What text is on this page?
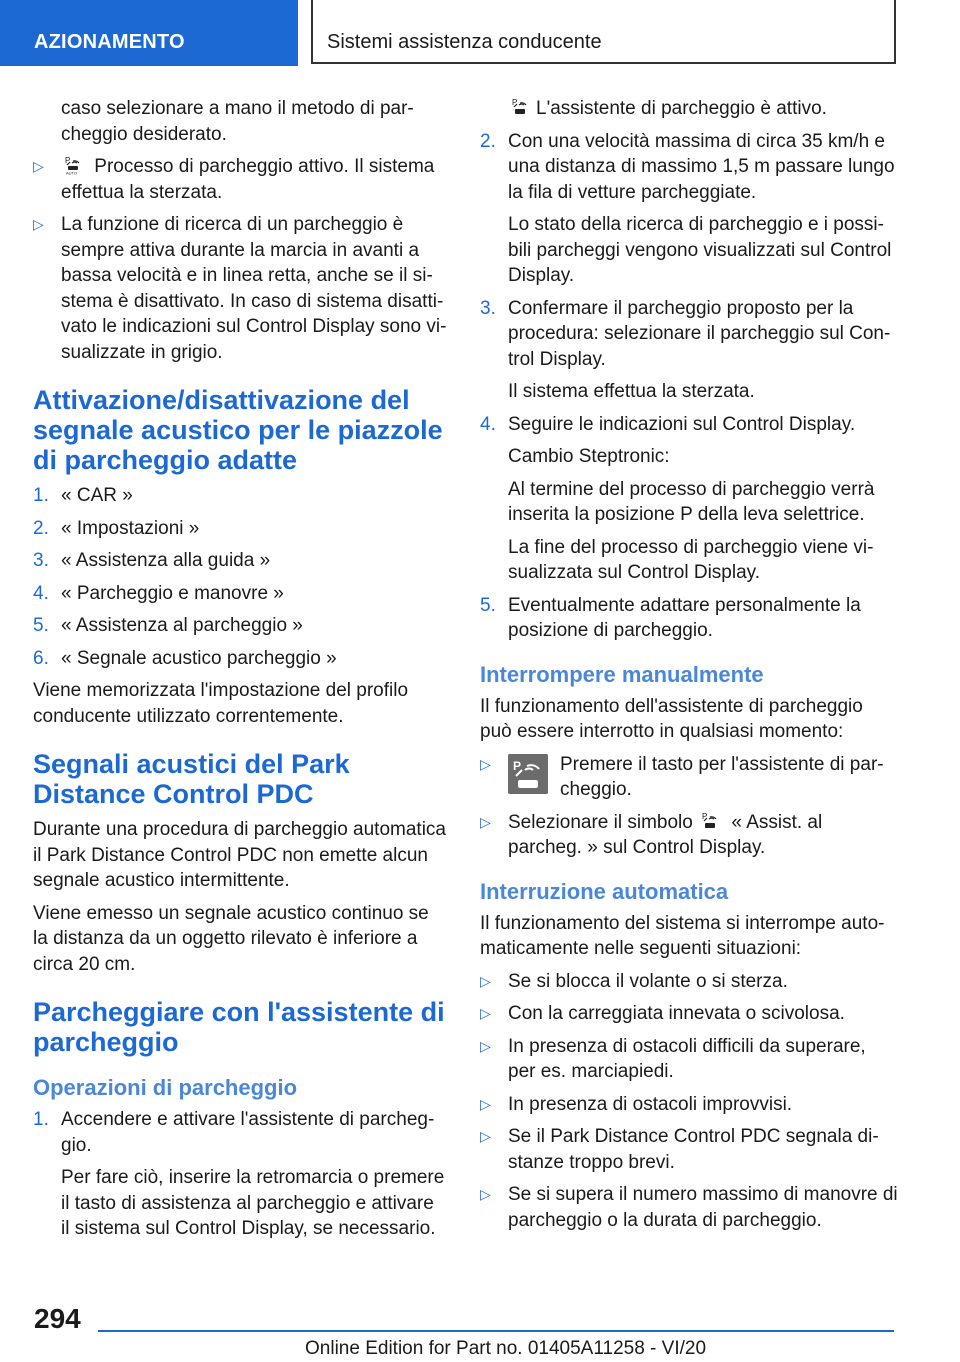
AZIONAMENTO	Sistemi assistenza conducente

caso selezionare a mano il metodo di parcheggio desiderato.

▷	P
AUTO Processo di parcheggio attivo. Il sistema effettua la sterzata.
▷ La funzione di ricerca di un parcheggio è sempre attiva durante la marcia in avanti a bassa velocità e in linea retta, anche se il sistema è disattivato. In caso di sistema disattivato le indicazioni sul Control Display sono visualizzate in grigio.
Attivazione/disattivazione del segnale acustico per le piazzole di parcheggio adatte
1. « CAR »
2. « Impostazioni »
3. « Assistenza alla guida »
4. « Parcheggio e manovre »
5. « Assistenza al parcheggio »
6. « Segnale acustico parcheggio »

Viene memorizzata l'impostazione del profilo conducente utilizzato correntemente.

Segnali acustici del Park Distance Control PDC

Durante una procedura di parcheggio automatica il Park Distance Control PDC non emette alcun segnale acustico intermittente.

Viene emesso un segnale acustico continuo se la distanza da un oggetto rilevato è inferiore a circa 20 cm.

Parcheggiare con l'assistente di parcheggio
Operazioni di parcheggio
1. Accendere e attivare l'assistente di parcheggio.

Per fare ciò, inserire la retromarcia o premere il tasto di assistenza al parcheggio e attivare il sistema sul Control Display, se necessario.

P L'assistente di parcheggio è attivo.

2. Con una velocità massima di circa 35 km/h e una distanza di massimo 1,5 m passare lungo la fila di vetture parcheggiate.

Lo stato della ricerca di parcheggio e i possibili parcheggi vengono visualizzati sul Control Display.

3. Confermare il parcheggio proposto per la procedura: selezionare il parcheggio sul Control Display.

Il sistema effettua la sterzata.

4. Seguire le indicazioni sul Control Display.

Cambio Steptronic:

Al termine del processo di parcheggio verrà inserita la posizione P della leva selettrice.

La fine del processo di parcheggio viene visualizzata sul Control Display.

5. Eventualmente adattare personalmente la posizione di parcheggio.
Interrompere manualmente

Il funzionamento dell'assistente di parcheggio può essere interrotto in qualsiasi momento:

▷ P Premere il tasto per l'assistente di parcheggio.
▷ Selezionare il simbolo P « Assist. al parcheg. » sul Control Display.
Interruzione automatica

Il funzionamento del sistema si interrompe automaticamente nelle seguenti situazioni:

▷ Se si blocca il volante o si sterza.
▷ Con la carreggiata innevata o scivolosa.
▷ In presenza di ostacoli difficili da superare, per es. marciapiedi.
▷ In presenza di ostacoli improvvisi.
▷ Se il Park Distance Control PDC segnala distanze troppo brevi.
▷ Se si supera il numero massimo di manovre di parcheggio o la durata di parcheggio.
294
Online Edition for Part no. 01405A11258 - VI/20
